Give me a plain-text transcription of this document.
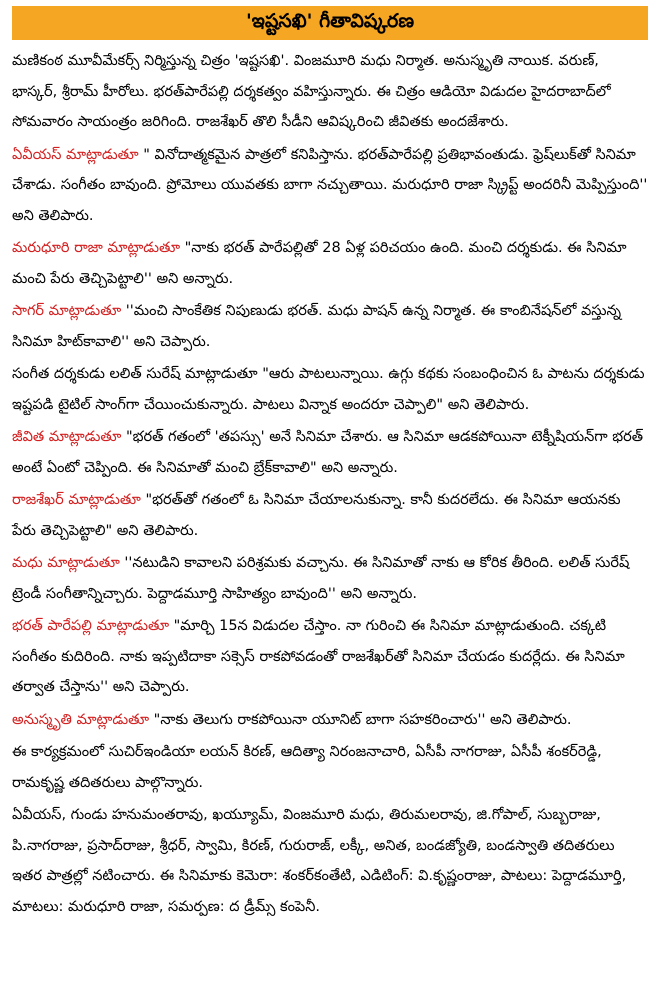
'ఇష్టసఖి' గీతావిష్కరణ

మణికంఠ మూవీమేకర్స్ నిర్మిస్తున్న చిత్రం 'ఇష్టసఖి'. వింజమూరి మధు నిర్మాత. అనుస్మృతి నాయిక. వరుణ్, భాస్కర్, శ్రీరామ్ హీరోలు. భరత్‌పారేపల్లి దర్శకత్వం వహిస్తున్నారు. ఈ చిత్రం ఆడియో విడుదల హైదరాబాద్‌లో సోమవారం సాయంత్రం జరిగింది. రాజశేఖర్ తొలి సీడీని ఆవిష్కరించి జీవితకు అందజేశారు.

ఏవీయస్ మాట్లాడుతూ " వినోదాత్మకమైన పాత్రలో కనిపిస్తాను. భరత్‌పారేపల్లి ప్రతిభావంతుడు. ఫ్రెష్‌లుక్‌తో సినిమా చేశాడు. సంగీతం బావుంది. ప్రోమోలు యువతకు బాగా నచ్చుతాయి. మరుధూరి రాజా స్క్రిప్ట్ అందరినీ మెప్పిస్తుంది'' అని తెలిపారు.

మరుధూరి రాజా మాట్లాడుతూ "నాకు భరత్ పారేపల్లితో 28 ఏళ్ల పరిచయం ఉంది. మంచి దర్శకుడు. ఈ సినిమా మంచి పేరు తెచ్చిపెట్టాలి'' అని అన్నారు.

సాగర్ మాట్లాడుతూ ''మంచి సాంకేతిక నిపుణుడు భరత్. మధు పాషన్ ఉన్న నిర్మాత. ఈ కాంబినేషన్‌లో వస్తున్న సినిమా హిట్‌కావాలి'' అని చెప్పారు.

సంగీత దర్శకుడు లలిత్ సురేష్ మాట్లాడుతూ "ఆరు పాటలున్నాయి. ఉగ్గు కథకు సంబంధించిన ఓ పాటను దర్శకుడు ఇష్టపడి టైటిల్ సాంగ్‌గా చేయించుకున్నారు. పాటలు విన్నాక అందరూ చెప్పాలి" అని తెలిపారు.

జీవిత మాట్లాడుతూ "భరత్ గతంలో 'తపస్సు' అనే సినిమా చేశారు. ఆ సినిమా ఆడకపోయినా టెక్నీషియన్‌గా భరత్ అంటే ఏంటో చెప్పింది. ఈ సినిమాతో మంచి బ్రేక్‌కావాలి" అని అన్నారు.

రాజశేఖర్ మాట్లాడుతూ "భరత్‌తో గతంలో ఓ సినిమా చేయాలనుకున్నా. కానీ కుదరలేదు. ఈ సినిమా ఆయనకు పేరు తెచ్చిపెట్టాలి" అని తెలిపారు.

మధు మాట్లాడుతూ ''నటుడిని కావాలని పరిశ్రమకు వచ్చాను. ఈ సినిమాతో నాకు ఆ కోరిక తీరింది. లలిత్ సురేష్ ట్రెండీ సంగీతాన్నిచ్చారు. పెద్దాడమూర్తి సాహిత్యం బావుంది'' అని అన్నారు.

భరత్ పారేపల్లి మాట్లాడుతూ "మార్చి 15న విడుదల చేస్తాం. నా గురించి ఈ సినిమా మాట్లాడుతుంది. చక్కటి సంగీతం కుదిరింది. నాకు ఇప్పటిదాకా సక్సెస్ రాకపోవడంతో రాజశేఖర్‌తో సినిమా చేయడం కుదర్లేదు. ఈ సినిమా తర్వాత చేస్తాను'' అని చెప్పారు.

అనుస్మృతి మాట్లాడుతూ "నాకు తెలుగు రాకపోయినా యూనిట్ బాగా సహకరించారు'' అని తెలిపారు.

ఈ కార్యక్రమంలో సుచిర్ఇండియా లయన్ కిరణ్, ఆదిత్యా నిరంజనాచారి, ఏసీపీ నాగరాజు, ఏసీపీ శంకర్‌రెడ్డి, రామకృష్ణ తదితరులు పాల్గొన్నారు.

ఏవీయస్, గుండు హనుమంతరావు, ఖయ్యూమ్, వింజమూరి మధు, తిరుమలరావు, జి.గోపాల్, సుబ్బరాజు, పి.నాగరాజు, ప్రసాద్‌రాజు, శ్రీధర్, స్వామి, కిరణ్, గురురాజ్, లక్కీ, అనిత, బండజ్యోతి, బండస్వాతి తదితరులు ఇతర పాత్రల్లో నటించారు. ఈ సినిమాకు కెమెరా: శంకర్‌కంతేటి, ఎడిటింగ్: వి.కృష్ణంరాజు, పాటలు: పెద్దాడమూర్తి, మాటలు: మరుధూరి రాజా, సమర్పణ: ద డ్రీమ్స్ కంపెనీ.
